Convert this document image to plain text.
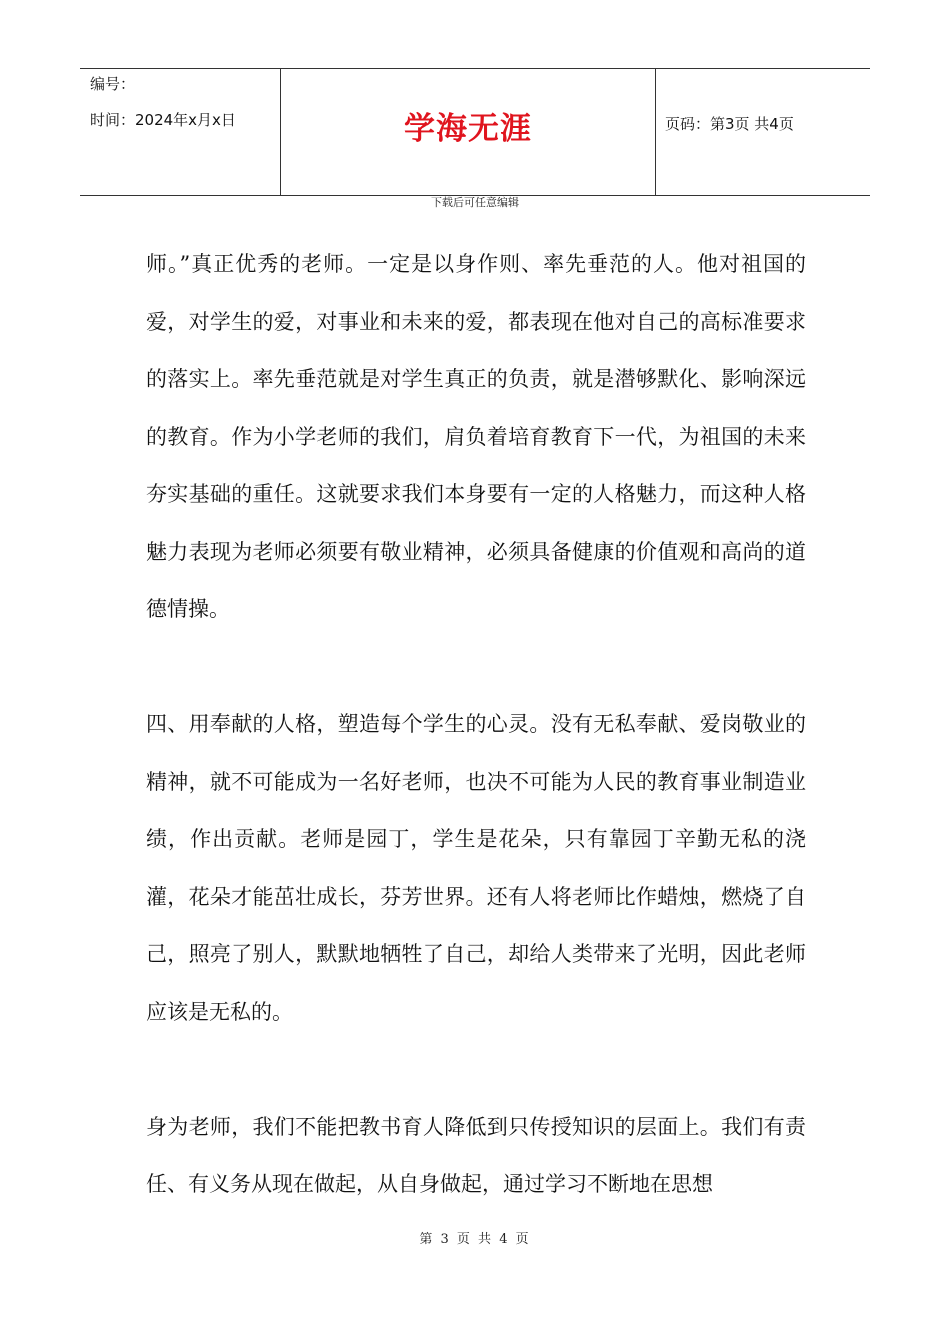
编号：
时间：2024年x月x日	学海无涯	页码：第3页 共4页
下载后可任意编辑

师。”真正优秀的老师。一定是以身作则、率先垂范的人。他对祖国的爱，对学生的爱，对事业和未来的爱，都表现在他对自己的高标准要求的落实上。率先垂范就是对学生真正的负责，就是潜够默化、影响深远的教育。作为小学老师的我们，肩负着培育教育下一代，为祖国的未来夯实基础的重任。这就要求我们本身要有一定的人格魅力，而这种人格魅力表现为老师必须要有敬业精神，必须具备健康的价值观和高尚的道德情操。

四、用奉献的人格，塑造每个学生的心灵。没有无私奉献、爱岗敬业的精神，就不可能成为一名好老师，也决不可能为人民的教育事业制造业绩，作出贡献。老师是园丁，学生是花朵，只有靠园丁辛勤无私的浇灌，花朵才能茁壮成长，芬芳世界。还有人将老师比作蜡烛，燃烧了自己，照亮了别人，默默地牺牲了自己，却给人类带来了光明，因此老师应该是无私的。

身为老师，我们不能把教书育人降低到只传授知识的层面上。我们有责任、有义务从现在做起，从自身做起，通过学习不断地在思想

第 3 页 共 4 页
